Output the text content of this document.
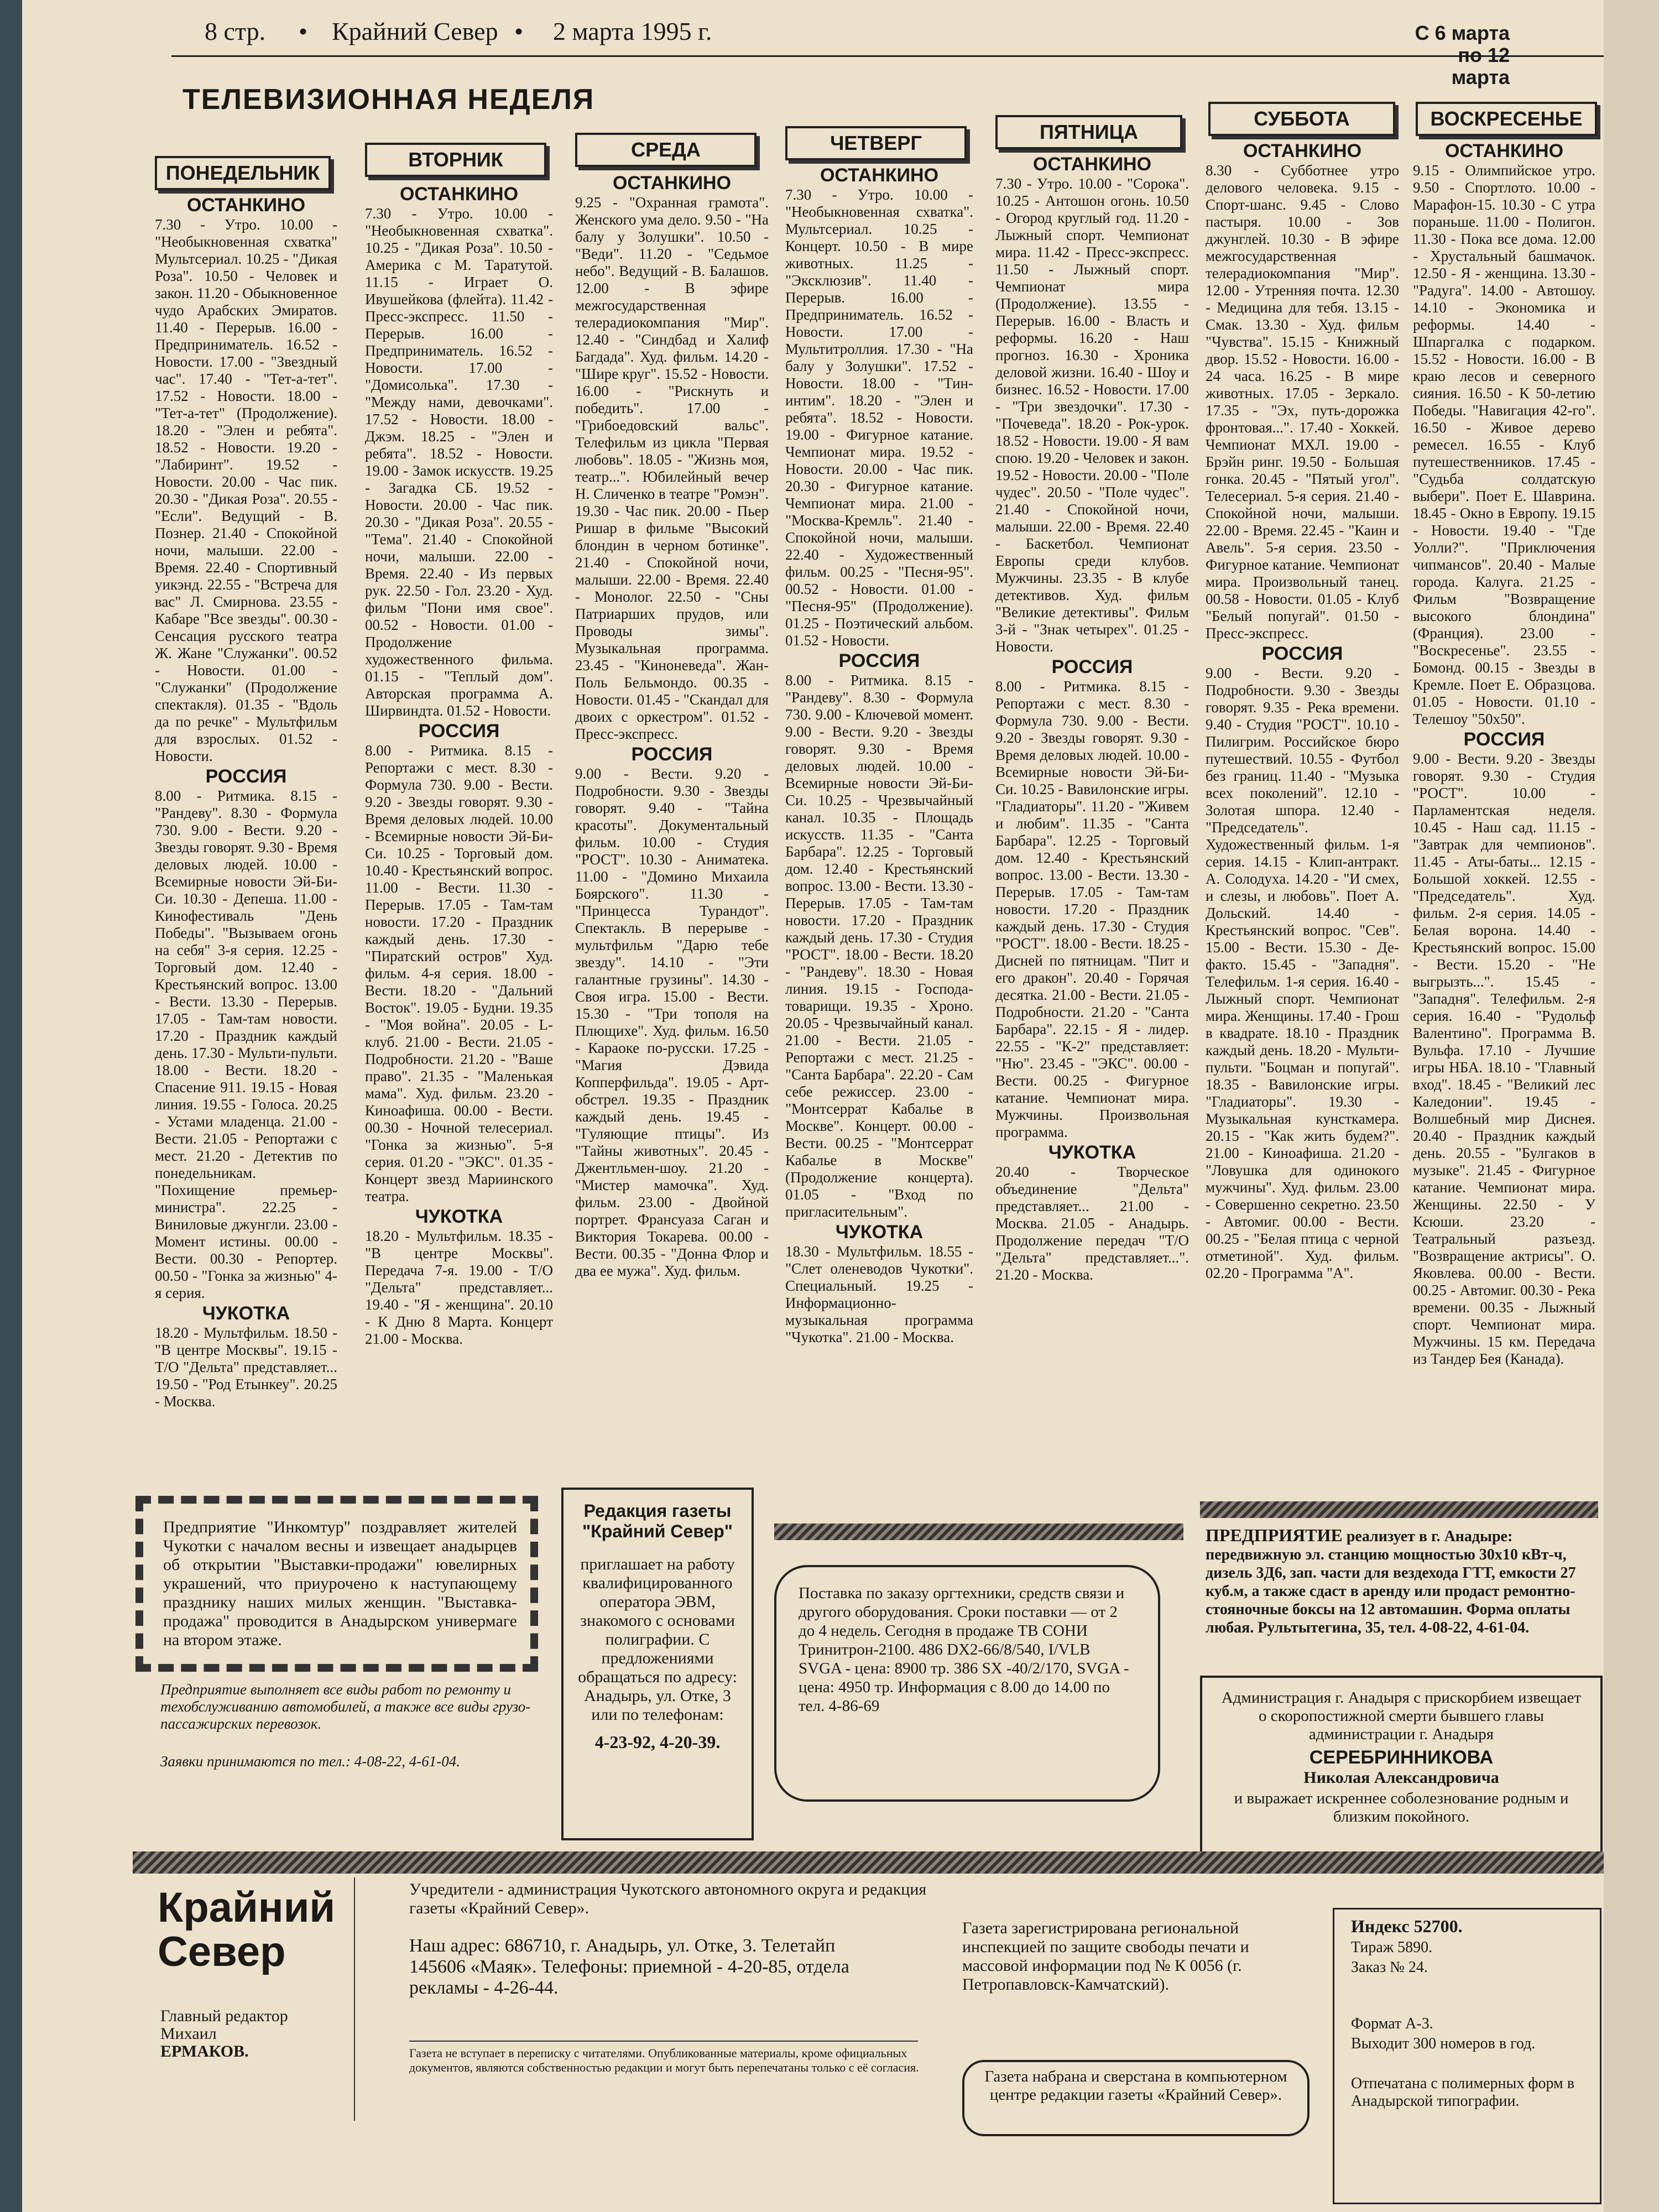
8 стр. • Крайний Север • 2 марта 1995 г.	С 6 марта
по 12 марта
ТЕЛЕВИЗИОННАЯ НЕДЕЛЯ
ПОНЕДЕЛЬНИК
ВТОРНИК	СРЕДА	ЧЕТВЕРГ	ПЯТНИЦА
СУББОТА	ВОСКРЕСЕНЬЕ
ОСТАНКИНО

7.30 - Утро. 10.00 - "Необыкновенная схватка" Мультсериал. 10.25 - "Дикая Роза". 10.50 - Человек и закон. 11.20 - Обыкновенное чудо Арабских Эмиратов. 11.40 - Перерыв. 16.00 - Предприниматель. 16.52 - Новости. 17.00 - "Звездный час". 17.40 - "Тет-а-тет". 17.52 - Новости. 18.00 - "Тет-а-тет" (Продолжение). 18.20 - "Элен и ребята". 18.52 - Новости. 19.20 - "Лабиринт". 19.52 - Новости. 20.00 - Час пик. 20.30 - "Дикая Роза". 20.55 - "Если". Ведущий - В. Познер. 21.40 - Спокойной ночи, малыши. 22.00 - Время. 22.40 - Спортивный уикэнд. 22.55 - "Встреча для вас" Л. Смирнова. 23.55 - Кабаре "Все звезды". 00.30 - Сенсация русского театра Ж. Жане "Служанки". 00.52 - Новости. 01.00 - "Служанки" (Продолжение спектакля). 01.35 - "Вдоль да по речке" - Мультфильм для взрослых. 01.52 - Новости.

РОССИЯ

8.00 - Ритмика. 8.15 - "Рандеву". 8.30 - Формула 730. 9.00 - Вести. 9.20 - Звезды говорят. 9.30 - Время деловых людей. 10.00 - Всемирные новости Эй-Би-Си. 10.30 - Депеша. 11.00 - Кинофестиваль "День Победы". "Вызываем огонь на себя" 3-я серия. 12.25 - Торговый дом. 12.40 - Крестьянский вопрос. 13.00 - Вести. 13.30 - Перерыв. 17.05 - Там-там новости. 17.20 - Праздник каждый день. 17.30 - Мульти-пульти. 18.00 - Вести. 18.20 - Спасение 911. 19.15 - Новая линия. 19.55 - Голоса. 20.25 - Устами младенца. 21.00 - Вести. 21.05 - Репортажи с мест. 21.20 - Детектив по понедельникам. "Похищение премьер-министра". 22.25 - Виниловые джунгли. 23.00 - Момент истины. 00.00 - Вести. 00.30 - Репортер. 00.50 - "Гонка за жизнью" 4-я серия.

ЧУКОТКА

18.20 - Мультфильм. 18.50 - "В центре Москвы". 19.15 - Т/О "Дельта" представляет... 19.50 - "Род Етынкеу". 20.25 - Москва.

ОСТАНКИНО

7.30 - Утро. 10.00 - "Необыкновенная схватка". 10.25 - "Дикая Роза". 10.50 - Америка с М. Таратутой. 11.15 - Играет О. Ивушейкова (флейта). 11.42 - Пресс-экспресс. 11.50 - Перерыв. 16.00 - Предприниматель. 16.52 - Новости. 17.00 - "Домисолька". 17.30 - "Между нами, девочками". 17.52 - Новости. 18.00 - Джэм. 18.25 - "Элен и ребята". 18.52 - Новости. 19.00 - Замок искусств. 19.25 - Загадка СБ. 19.52 - Новости. 20.00 - Час пик. 20.30 - "Дикая Роза". 20.55 - "Тема". 21.40 - Спокойной ночи, малыши. 22.00 - Время. 22.40 - Из первых рук. 22.50 - Гол. 23.20 - Худ. фильм "Пони имя свое". 00.52 - Новости. 01.00 - Продолжение художественного фильма. 01.15 - "Теплый дом". Авторская программа А. Ширвиндта. 01.52 - Новости.

РОССИЯ

8.00 - Ритмика. 8.15 - Репортажи с мест. 8.30 - Формула 730. 9.00 - Вести. 9.20 - Звезды говорят. 9.30 - Время деловых людей. 10.00 - Всемирные новости Эй-Би-Си. 10.25 - Торговый дом. 10.40 - Крестьянский вопрос. 11.00 - Вести. 11.30 - Перерыв. 17.05 - Там-там новости. 17.20 - Праздник каждый день. 17.30 - "Пиратский остров" Худ. фильм. 4-я серия. 18.00 - Вести. 18.20 - "Дальний Восток". 19.05 - Будни. 19.35 - "Моя война". 20.05 - L-клуб. 21.00 - Вести. 21.05 - Подробности. 21.20 - "Ваше право". 21.35 - "Маленькая мама". Худ. фильм. 23.20 - Киноафиша. 00.00 - Вести. 00.30 - Ночной телесериал. "Гонка за жизнью". 5-я серия. 01.20 - "ЭКС". 01.35 - Концерт звезд Мариинского театра.

ЧУКОТКА

18.20 - Мультфильм. 18.35 - "В центре Москвы". Передача 7-я. 19.00 - Т/О "Дельта" представляет... 19.40 - "Я - женщина". 20.10 - К Дню 8 Марта. Концерт 21.00 - Москва.

ОСТАНКИНО

9.25 - "Охранная грамота". Женского ума дело. 9.50 - "На балу у Золушки". 10.50 - "Веди". 11.20 - "Седьмое небо". Ведущий - В. Балашов. 12.00 - В эфире межгосударственная телерадиокомпания "Мир". 12.40 - "Синдбад и Халиф Багдада". Худ. фильм. 14.20 - "Шире круг". 15.52 - Новости. 16.00 - "Рискнуть и победить". 17.00 - "Грибоедовский вальс". Телефильм из цикла "Первая любовь". 18.05 - "Жизнь моя, театр...". Юбилейный вечер Н. Сличенко в театре "Ромэн". 19.30 - Час пик. 20.00 - Пьер Ришар в фильме "Высокий блондин в черном ботинке". 21.40 - Спокойной ночи, малыши. 22.00 - Время. 22.40 - Монолог. 22.50 - "Сны Патриарших прудов, или Проводы зимы". Музыкальная программа. 23.45 - "Киноневеда". Жан-Поль Бельмондо. 00.35 - Новости. 01.45 - "Скандал для двоих с оркестром". 01.52 - Пресс-экспресс.

РОССИЯ

9.00 - Вести. 9.20 - Подробности. 9.30 - Звезды говорят. 9.40 - "Тайна красоты". Документальный фильм. 10.00 - Студия "РОСТ". 10.30 - Аниматека. 11.00 - "Домино Михаила Боярского". 11.30 - "Принцесса Турандот". Спектакль. В перерыве - мультфильм "Дарю тебе звезду". 14.10 - "Эти галантные грузины". 14.30 - Своя игра. 15.00 - Вести. 15.30 - "Три тополя на Плющихе". Худ. фильм. 16.50 - Караоке по-русски. 17.25 - "Магия Дэвида Копперфильда". 19.05 - Арт-обстрел. 19.35 - Праздник каждый день. 19.45 - "Гуляющие птицы". Из "Тайны животных". 20.45 - Джентльмен-шоу. 21.20 - "Мистер мамочка". Худ. фильм. 23.00 - Двойной портрет. Франсуаза Саган и Виктория Токарева. 00.00 - Вести. 00.35 - "Донна Флор и два ее мужа". Худ. фильм.

ОСТАНКИНО

7.30 - Утро. 10.00 - "Необыкновенная схватка". Мультсериал. 10.25 - Концерт. 10.50 - В мире животных. 11.25 - "Эксклюзив". 11.40 - Перерыв. 16.00 - Предприниматель. 16.52 - Новости. 17.00 - Мультитроллия. 17.30 - "На балу у Золушки". 17.52 - Новости. 18.00 - "Тин-интим". 18.20 - "Элен и ребята". 18.52 - Новости. 19.00 - Фигурное катание. Чемпионат мира. 19.52 - Новости. 20.00 - Час пик. 20.30 - Фигурное катание. Чемпионат мира. 21.00 - "Москва-Кремль". 21.40 - Спокойной ночи, малыши. 22.40 - Художественный фильм. 00.25 - "Песня-95". 00.52 - Новости. 01.00 - "Песня-95" (Продолжение). 01.25 - Поэтический альбом. 01.52 - Новости.

РОССИЯ

8.00 - Ритмика. 8.15 - "Рандеву". 8.30 - Формула 730. 9.00 - Ключевой момент. 9.00 - Вести. 9.20 - Звезды говорят. 9.30 - Время деловых людей. 10.00 - Всемирные новости Эй-Би-Си. 10.25 - Чрезвычайный канал. 10.35 - Площадь искусств. 11.35 - "Санта Барбара". 12.25 - Торговый дом. 12.40 - Крестьянский вопрос. 13.00 - Вести. 13.30 - Перерыв. 17.05 - Там-там новости. 17.20 - Праздник каждый день. 17.30 - Студия "РОСТ". 18.00 - Вести. 18.20 - "Рандеву". 18.30 - Новая линия. 19.15 - Господа-товарищи. 19.35 - Хроно. 20.05 - Чрезвычайный канал. 21.00 - Вести. 21.05 - Репортажи с мест. 21.25 - "Санта Барбара". 22.20 - Сам себе режиссер. 23.00 - "Монтсеррат Кабалье в Москве". Концерт. 00.00 - Вести. 00.25 - "Монтсеррат Кабалье в Москве" (Продолжение концерта). 01.05 - "Вход по пригласительным".

ЧУКОТКА

18.30 - Мультфильм. 18.55 - "Слет оленеводов Чукотки". Специальный. 19.25 - Информационно-музыкальная программа "Чукотка". 21.00 - Москва.

ОСТАНКИНО

7.30 - Утро. 10.00 - "Сорока". 10.25 - Антошон огонь. 10.50 - Огород круглый год. 11.20 - Лыжный спорт. Чемпионат мира. 11.42 - Пресс-экспресс. 11.50 - Лыжный спорт. Чемпионат мира (Продолжение). 13.55 - Перерыв. 16.00 - Власть и реформы. 16.20 - Наш прогноз. 16.30 - Хроника деловой жизни. 16.40 - Шоу и бизнес. 16.52 - Новости. 17.00 - "Три звездочки". 17.30 - "Почеведа". 18.20 - Рок-урок. 18.52 - Новости. 19.00 - Я вам спою. 19.20 - Человек и закон. 19.52 - Новости. 20.00 - "Поле чудес". 20.50 - "Поле чудес". 21.40 - Спокойной ночи, малыши. 22.00 - Время. 22.40 - Баскетбол. Чемпионат Европы среди клубов. Мужчины. 23.35 - В клубе детективов. Худ. фильм "Великие детективы". Фильм 3-й - "Знак четырех". 01.25 - Новости.

РОССИЯ

8.00 - Ритмика. 8.15 - Репортажи с мест. 8.30 - Формула 730. 9.00 - Вести. 9.20 - Звезды говорят. 9.30 - Время деловых людей. 10.00 - Всемирные новости Эй-Би-Си. 10.25 - Вавилонские игры. "Гладиаторы". 11.20 - "Живем и любим". 11.35 - "Санта Барбара". 12.25 - Торговый дом. 12.40 - Крестьянский вопрос. 13.00 - Вести. 13.30 - Перерыв. 17.05 - Там-там новости. 17.20 - Праздник каждый день. 17.30 - Студия "РОСТ". 18.00 - Вести. 18.25 - Дисней по пятницам. "Пит и его дракон". 20.40 - Горячая десятка. 21.00 - Вести. 21.05 - Подробности. 21.20 - "Санта Барбара". 22.15 - Я - лидер. 22.55 - "К-2" представляет: "Ню". 23.45 - "ЭКС". 00.00 - Вести. 00.25 - Фигурное катание. Чемпионат мира. Мужчины. Произвольная программа.

ЧУКОТКА

20.40 - Творческое объединение "Дельта" представляет... 21.00 - Москва. 21.05 - Анадырь. Продолжение передач "Т/О "Дельта" представляет...". 21.20 - Москва.

ОСТАНКИНО

8.30 - Субботнее утро делового человека. 9.15 - Спорт-шанс. 9.45 - Слово пастыря. 10.00 - Зов джунглей. 10.30 - В эфире межгосударственная телерадиокомпания "Мир". 12.00 - Утренняя почта. 12.30 - Медицина для тебя. 13.15 - Смак. 13.30 - Худ. фильм "Чувства". 15.15 - Книжный двор. 15.52 - Новости. 16.00 - 24 часа. 16.25 - В мире животных. 17.05 - Зеркало. 17.35 - "Эх, путь-дорожка фронтовая...". 17.40 - Хоккей. Чемпионат МХЛ. 19.00 - Брэйн ринг. 19.50 - Большая гонка. 20.45 - "Пятый угол". Телесериал. 5-я серия. 21.40 - Спокойной ночи, малыши. 22.00 - Время. 22.45 - "Каин и Авель". 5-я серия. 23.50 - Фигурное катание. Чемпионат мира. Произвольный танец. 00.58 - Новости. 01.05 - Клуб "Белый попугай". 01.50 - Пресс-экспресс.

РОССИЯ

9.00 - Вести. 9.20 - Подробности. 9.30 - Звезды говорят. 9.35 - Река времени. 9.40 - Студия "РОСТ". 10.10 - Пилигрим. Российское бюро путешествий. 10.55 - Футбол без границ. 11.40 - "Музыка всех поколений". 12.10 - Золотая шпора. 12.40 - "Председатель". Художественный фильм. 1-я серия. 14.15 - Клип-антракт. А. Солодуха. 14.20 - "И смех, и слезы, и любовь". Поет А. Дольский. 14.40 - Крестьянский вопрос. "Сев". 15.00 - Вести. 15.30 - Де-факто. 15.45 - "Западня". Телефильм. 1-я серия. 16.40 - Лыжный спорт. Чемпионат мира. Женщины. 17.40 - Грош в квадрате. 18.10 - Праздник каждый день. 18.20 - Мульти-пульти. "Боцман и попугай". 18.35 - Вавилонские игры. "Гладиаторы". 19.30 - Музыкальная кунсткамера. 20.15 - "Как жить будем?". 21.00 - Киноафиша. 21.20 - "Ловушка для одинокого мужчины". Худ. фильм. 23.00 - Совершенно секретно. 23.50 - Автомиг. 00.00 - Вести. 00.25 - "Белая птица с черной отметиной". Худ. фильм. 02.20 - Программа "А".

ОСТАНКИНО

9.15 - Олимпийское утро. 9.50 - Спортлото. 10.00 - Марафон-15. 10.30 - С утра пораньше. 11.00 - Полигон. 11.30 - Пока все дома. 12.00 - Хрустальный башмачок. 12.50 - Я - женщина. 13.30 - "Радуга". 14.00 - Автошоу. 14.10 - Экономика и реформы. 14.40 - Шпаргалка с подарком. 15.52 - Новости. 16.00 - В краю лесов и северного сияния. 16.50 - К 50-летию Победы. "Навигация 42-го". 16.50 - Живое дерево ремесел. 16.55 - Клуб путешественников. 17.45 - "Судьба солдатскую выбери". Поет Е. Шаврина. 18.45 - Окно в Европу. 19.15 - Новости. 19.40 - "Где Уолли?". "Приключения чипмансов". 20.40 - Малые города. Калуга. 21.25 - Фильм "Возвращение высокого блондина" (Франция). 23.00 - "Воскресенье". 23.55 - Бомонд. 00.15 - Звезды в Кремле. Поет Е. Образцова. 01.05 - Новости. 01.10 - Телешоу "50х50".

РОССИЯ

9.00 - Вести. 9.20 - Звезды говорят. 9.30 - Студия "РОСТ". 10.00 - Парламентская неделя. 10.45 - Наш сад. 11.15 - "Завтрак для чемпионов". 11.45 - Аты-баты... 12.15 - Большой хоккей. 12.55 - "Председатель". Худ. фильм. 2-я серия. 14.05 - Белая ворона. 14.40 - Крестьянский вопрос. 15.00 - Вести. 15.20 - "Не выгрызть...". 15.45 - "Западня". Телефильм. 2-я серия. 16.40 - "Рудольф Валентино". Программа В. Вульфа. 17.10 - Лучшие игры НБА. 18.10 - "Главный вход". 18.45 - "Великий лес Каледонии". 19.45 - Волшебный мир Диснея. 20.40 - Праздник каждый день. 20.55 - "Булгаков в музыке". 21.45 - Фигурное катание. Чемпионат мира. Женщины. 22.50 - У Ксюши. 23.20 - Театральный разъезд. "Возвращение актрисы". О. Яковлева. 00.00 - Вести. 00.25 - Автомиг. 00.30 - Река времени. 00.35 - Лыжный спорт. Чемпионат мира. Мужчины. 15 км. Передача из Тандер Бея (Канада).

Предприятие "Инкомтур" поздравляет жителей Чукотки с началом весны и извещает анадырцев об открытии "Выставки-продажи" ювелирных украшений, что приурочено к наступающему празднику наших милых женщин. "Выставка-продажа" проводится в Анадырском универмаге на втором этаже.
Предприятие выполняет все виды работ по ремонту и техобслуживанию автомобилей, а также все виды грузо-пассажирских перевозок.
Заявки принимаются по тел.: 4-08-22, 4-61-04.
Редакция газеты "Крайний Север"
приглашает на работу квалифицированного оператора ЭВМ, знакомого с основами полиграфии. С предложениями обращаться по адресу: Анадырь, ул. Отке, 3 или по телефонам:
4-23-92, 4-20-39.
Поставка по заказу оргтехники, средств связи и другого оборудования. Сроки поставки — от 2 до 4 недель. Сегодня в продаже ТВ СОНИ Тринитрон-2100. 486 DX2-66/8/540, I/VLB SVGA - цена: 8900 тр. 386 SX -40/2/170, SVGA - цена: 4950 тр. Информация с 8.00 до 14.00 по тел. 4-86-69
ПРЕДПРИЯТИЕ реализует в г. Анадыре: передвижную эл. станцию мощностью 30х10 кВт-ч, дизель 3Д6, зап. части для вездехода ГТТ, емкости 27 куб.м, а также сдаст в аренду или продаст ремонтно-стояночные боксы на 12 автомашин. Форма оплаты любая. Рультытегина, 35, тел. 4-08-22, 4-61-04.
Администрация г. Анадыря с прискорбием извещает о скоропостижной смерти бывшего главы администрации г. Анадыря
СЕРЕБРИННИКОВА
Николая Александровича
и выражает искреннее соболезнование родным и близким покойного.
Крайний
Север
Главный редактор
Михаил
ЕРМАКОВ.
Учредители - администрация Чукотского автономного округа и редакция газеты «Крайний Север».
Наш адрес: 686710, г. Анадырь, ул. Отке, 3. Телетайп 145606 «Маяк». Телефоны: приемной - 4-20-85, отдела рекламы - 4-26-44.
Газета не вступает в переписку с читателями. Опубликованные материалы, кроме официальных документов, являются собственностью редакции и могут быть перепечатаны только с её согласия.
Газета зарегистрирована региональной инспекцией по защите свободы печати и массовой информации под № К 0056 (г. Петропавловск-Камчатский).
Газета набрана и сверстана в компьютерном центре редакции газеты «Крайний Север».
Индекс 52700.
Тираж 5890.
Заказ № 24.
Формат А-3.
Выходит 300 номеров в год.
Отпечатана с полимерных форм в Анадырской типографии.
